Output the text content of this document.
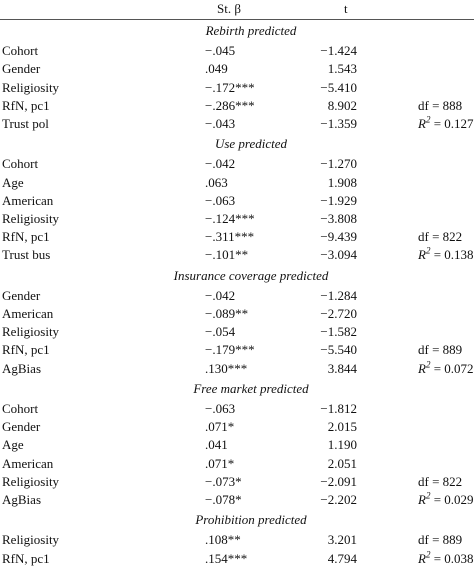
St. β	t
Rebirth predicted
Cohort	−.045	−1.424
Gender	.049	1.543
Religiosity	−.172***	−5.410
RfN, pc1	−.286***	8.902	df = 888
Trust pol	−.043	−1.359	$R^2 = 0.127$
Use predicted
Cohort	−.042	−1.270
Age	.063	1.908
American	−.063	−1.929
Religiosity	−.124***	−3.808
RfN, pc1	−.311***	−9.439	df = 822
Trust bus	−.101**	−3.094	$R^2 = 0.138$
Insurance coverage predicted
Gender	−.042	−1.284
American	−.089**	−2.720
Religiosity	−.054	−1.582
RfN, pc1	−.179***	−5.540	df = 889
AgBias	.130***	3.844	$R^2 = 0.072$
Free market predicted
Cohort	−.063	−1.812
Gender	.071*	2.015
Age	.041	1.190
American	.071*	2.051
Religiosity	−.073*	−2.091	df = 822
AgBias	−.078*	−2.202	$R^2 = 0.029$
Prohibition predicted
Religiosity	.108**	3.201	df = 889
RfN, pc1	.154***	4.794	$R^2 = 0.038$
